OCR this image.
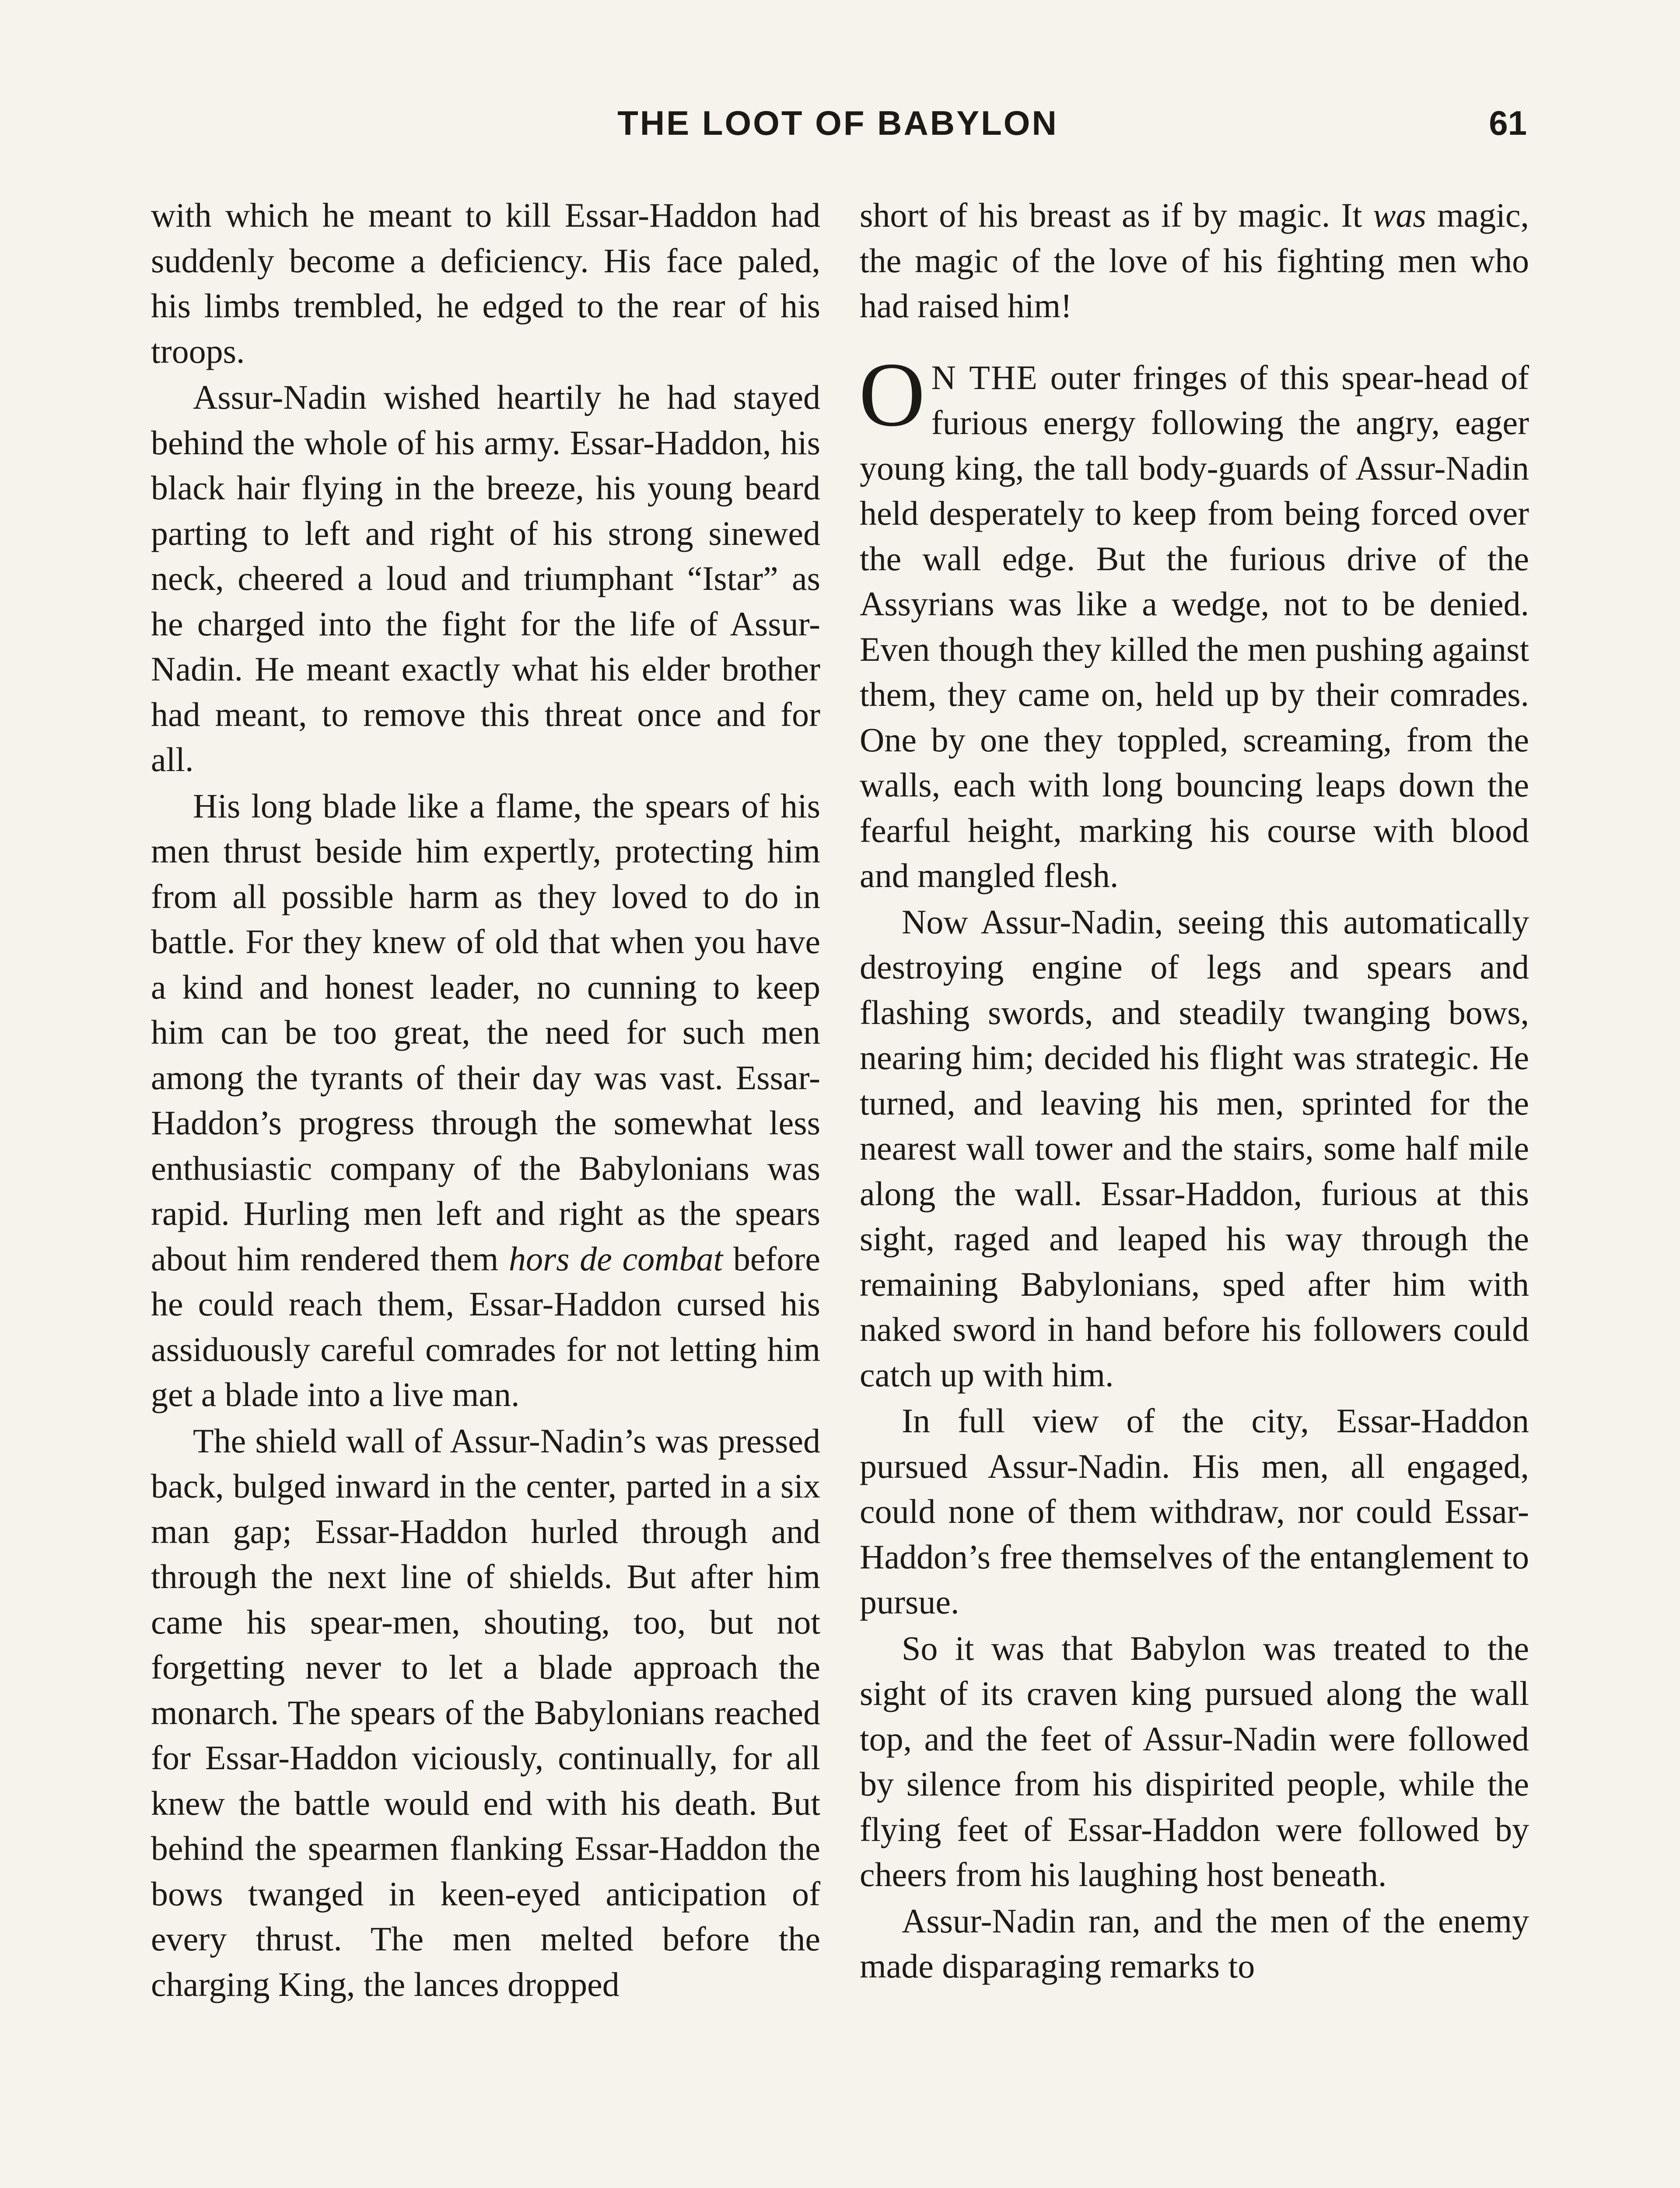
THE LOOT OF BABYLON	61

with which he meant to kill Essar-Haddon had suddenly become a deficiency. His face paled, his limbs trembled, he edged to the rear of his troops.

Assur-Nadin wished heartily he had stayed behind the whole of his army. Essar-Haddon, his black hair flying in the breeze, his young beard parting to left and right of his strong sinewed neck, cheered a loud and triumphant “Istar” as he charged into the fight for the life of Assur-Nadin. He meant exactly what his elder brother had meant, to remove this threat once and for all.

His long blade like a flame, the spears of his men thrust beside him expertly, protecting him from all possible harm as they loved to do in battle. For they knew of old that when you have a kind and honest leader, no cunning to keep him can be too great, the need for such men among the tyrants of their day was vast. Essar-Haddon’s progress through the somewhat less enthusiastic company of the Babylonians was rapid. Hurling men left and right as the spears about him rendered them hors de combat before he could reach them, Essar-Haddon cursed his assiduously careful comrades for not letting him get a blade into a live man.

The shield wall of Assur-Nadin’s was pressed back, bulged inward in the center, parted in a six man gap; Essar-Haddon hurled through and through the next line of shields. But after him came his spear-men, shouting, too, but not forgetting never to let a blade approach the monarch. The spears of the Babylonians reached for Essar-Haddon viciously, continually, for all knew the battle would end with his death. But behind the spearmen flanking Essar-Haddon the bows twanged in keen-eyed anticipation of every thrust. The men melted before the charging King, the lances dropped

short of his breast as if by magic. It was magic, the magic of the love of his fighting men who had raised him!

O N THE outer fringes of this spear-head of furious energy following the angry, eager young king, the tall body-guards of Assur-Nadin held desperately to keep from being forced over the wall edge. But the furious drive of the Assyrians was like a wedge, not to be denied. Even though they killed the men pushing against them, they came on, held up by their comrades. One by one they toppled, screaming, from the walls, each with long bouncing leaps down the fearful height, marking his course with blood and mangled flesh.

Now Assur-Nadin, seeing this automatically destroying engine of legs and spears and flashing swords, and steadily twanging bows, nearing him; decided his flight was strategic. He turned, and leaving his men, sprinted for the nearest wall tower and the stairs, some half mile along the wall. Essar-Haddon, furious at this sight, raged and leaped his way through the remaining Babylonians, sped after him with naked sword in hand before his followers could catch up with him.

In full view of the city, Essar-Haddon pursued Assur-Nadin. His men, all engaged, could none of them withdraw, nor could Essar-Haddon’s free themselves of the entanglement to pursue.

So it was that Babylon was treated to the sight of its craven king pursued along the wall top, and the feet of Assur-Nadin were followed by silence from his dispirited people, while the flying feet of Essar-Haddon were followed by cheers from his laughing host beneath.

Assur-Nadin ran, and the men of the enemy made disparaging remarks to
